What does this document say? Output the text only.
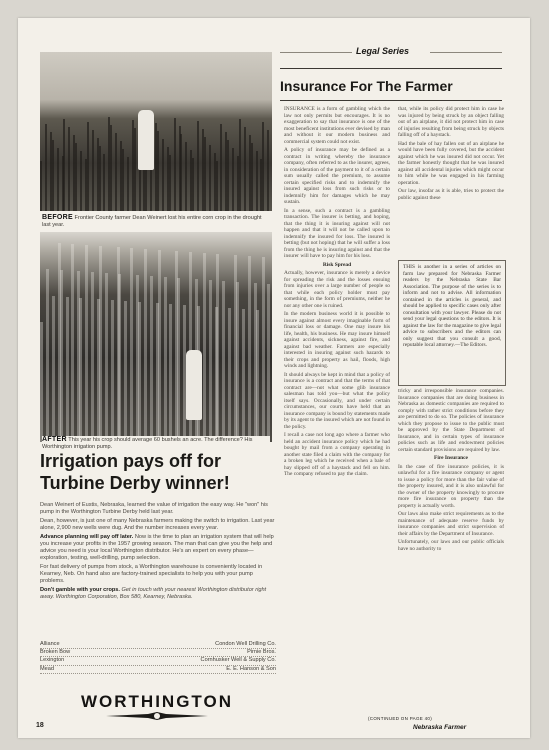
BEFORE Frontier County farmer Dean Weinert lost his entire corn crop in the drought last year.
AFTER This year his crop should average 60 bushels an acre. The difference? His Worthington irrigation pump.
Irrigation pays off for Turbine Derby winner!
Dean Weinert of Eustis, Nebraska, learned the value of irrigation the easy way. He "won" his pump in the Worthington Turbine Derby held last year.
Dean, however, is just one of many Nebraska farmers making the switch to irrigation. Last year alone, 2,900 new wells were dug. And the number increases every year.
Advance planning will pay off later. Now is the time to plan an irrigation system that will help you increase your profits in the 1957 growing season. The man that can give you the help and advice you need is your local Worthington distributor. He's an expert on every phase—exploration, testing, well-drilling, pump selection.
For fast delivery of pumps from stock, a Worthington warehouse is conveniently located in Kearney, Neb. On hand also are factory-trained specialists to help you with your pump problems.
Don't gamble with your crops. Get in touch with your nearest Worthington distributor right away. Worthington Corporation, Box 580, Kearney, Nebraska.
Alliance	Condon Well Drilling Co.
Broken Bow	Pirnie Bros.
Lexington	Cornhusker Well & Supply Co.
Mead	E. E. Hanson & Son
WORTHINGTON
18
Legal Series
Insurance For The Farmer

INSURANCE is a form of gambling which the law not only permits but encourages. It is no exaggeration to say that insurance is one of the most beneficent institutions ever devised by man and without it our modern business and commercial system could not exist.

A policy of insurance may be defined as a contract in writing whereby the insurance company, often referred to as the insurer, agrees, in consideration of the payment to it of a certain sum usually called the premium, to assume certain specified risks and to indemnify the insured against loss from such risks or to indemnify him for damages which he may sustain.

In a sense, such a contract is a gambling transaction. The insurer is betting, and hoping, that the thing it is insuring against will not happen and that it will not be called upon to indemnify the insured for loss. The insured is betting (but not hoping) that he will suffer a loss from the thing he is insuring against and that the insurer will have to pay him for his loss.

Risk Spread

Actually, however, insurance is merely a device for spreading the risk and the losses ensuing from injuries over a large number of people so that while each policy holder must pay something, in the form of premiums, neither he nor any other one is ruined.

In the modern business world it is possible to insure against almost every imaginable form of financial loss or damage. One may insure his life, health, his business. He may insure himself against accidents, sickness, against fire, and against bad weather. Farmers are especially interested in insuring against such hazards to their crops and property as hail, floods, high winds and lightning.

It should always be kept in mind that a policy of insurance is a contract and that the terms of that contract are—not what some glib insurance salesman has told you—but what the policy itself says. Occasionally, and under certain circumstances, our courts have held that an insurance company is bound by statements made by its agent to the insured which are not found in the policy.

I recall a case not long ago where a farmer who held an accident insurance policy which he had bought by mail from a company operating in another state filed a claim with the company for a broken leg which he received when a bale of hay slipped off of a haystack and fell on him. The company refused to pay the claim.

that, while its policy did protect him in case he was injured by being struck by an object falling out of an airplane, it did not protect him in case of injuries resulting from being struck by objects falling off of a haystack.

Had the bale of hay fallen out of an airplane he would have been fully covered, but the accident against which he was insured did not occur. Yet the farmer honestly thought that he was insured against all accidental injuries which might occur to him while he was engaged in his farming operation.

Our law, insofar as it is able, tries to protect the public against these

THIS is another in a series of articles on farm law prepared for Nebraska Farmer readers by the Nebraska State Bar Association. The purpose of the series is to inform and not to advise. All information contained in the articles is general, and should be applied to specific cases only after consultation with your lawyer. Please do not send your legal questions to the editors. It is against the law for the magazine to give legal advice to subscribers and the editors can only suggest that you consult a good, reputable local attorney.—The Editors.

tricky and irresponsible insurance companies. Insurance companies that are doing business in Nebraska as domestic companies are required to comply with rather strict conditions before they are permitted to do so. The policies of insurance which they propose to issue to the public must be approved by the State Department of Insurance, and in certain types of insurance policies such as life and endowment policies certain standard provisions are required by law.

Fire Insurance

In the case of fire insurance policies, it is unlawful for a fire insurance company or agent to issue a policy for more than the fair value of the property insured, and it is also unlawful for the owner of the property knowingly to procure more fire insurance on property than the property is actually worth.

Our laws also make strict requirements as to the maintenance of adequate reserve funds by insurance companies and strict supervision of their affairs by the Department of Insurance.

Unfortunately, our laws and our public officials have no authority to

(CONTINUED ON PAGE 40)
Nebraska Farmer
